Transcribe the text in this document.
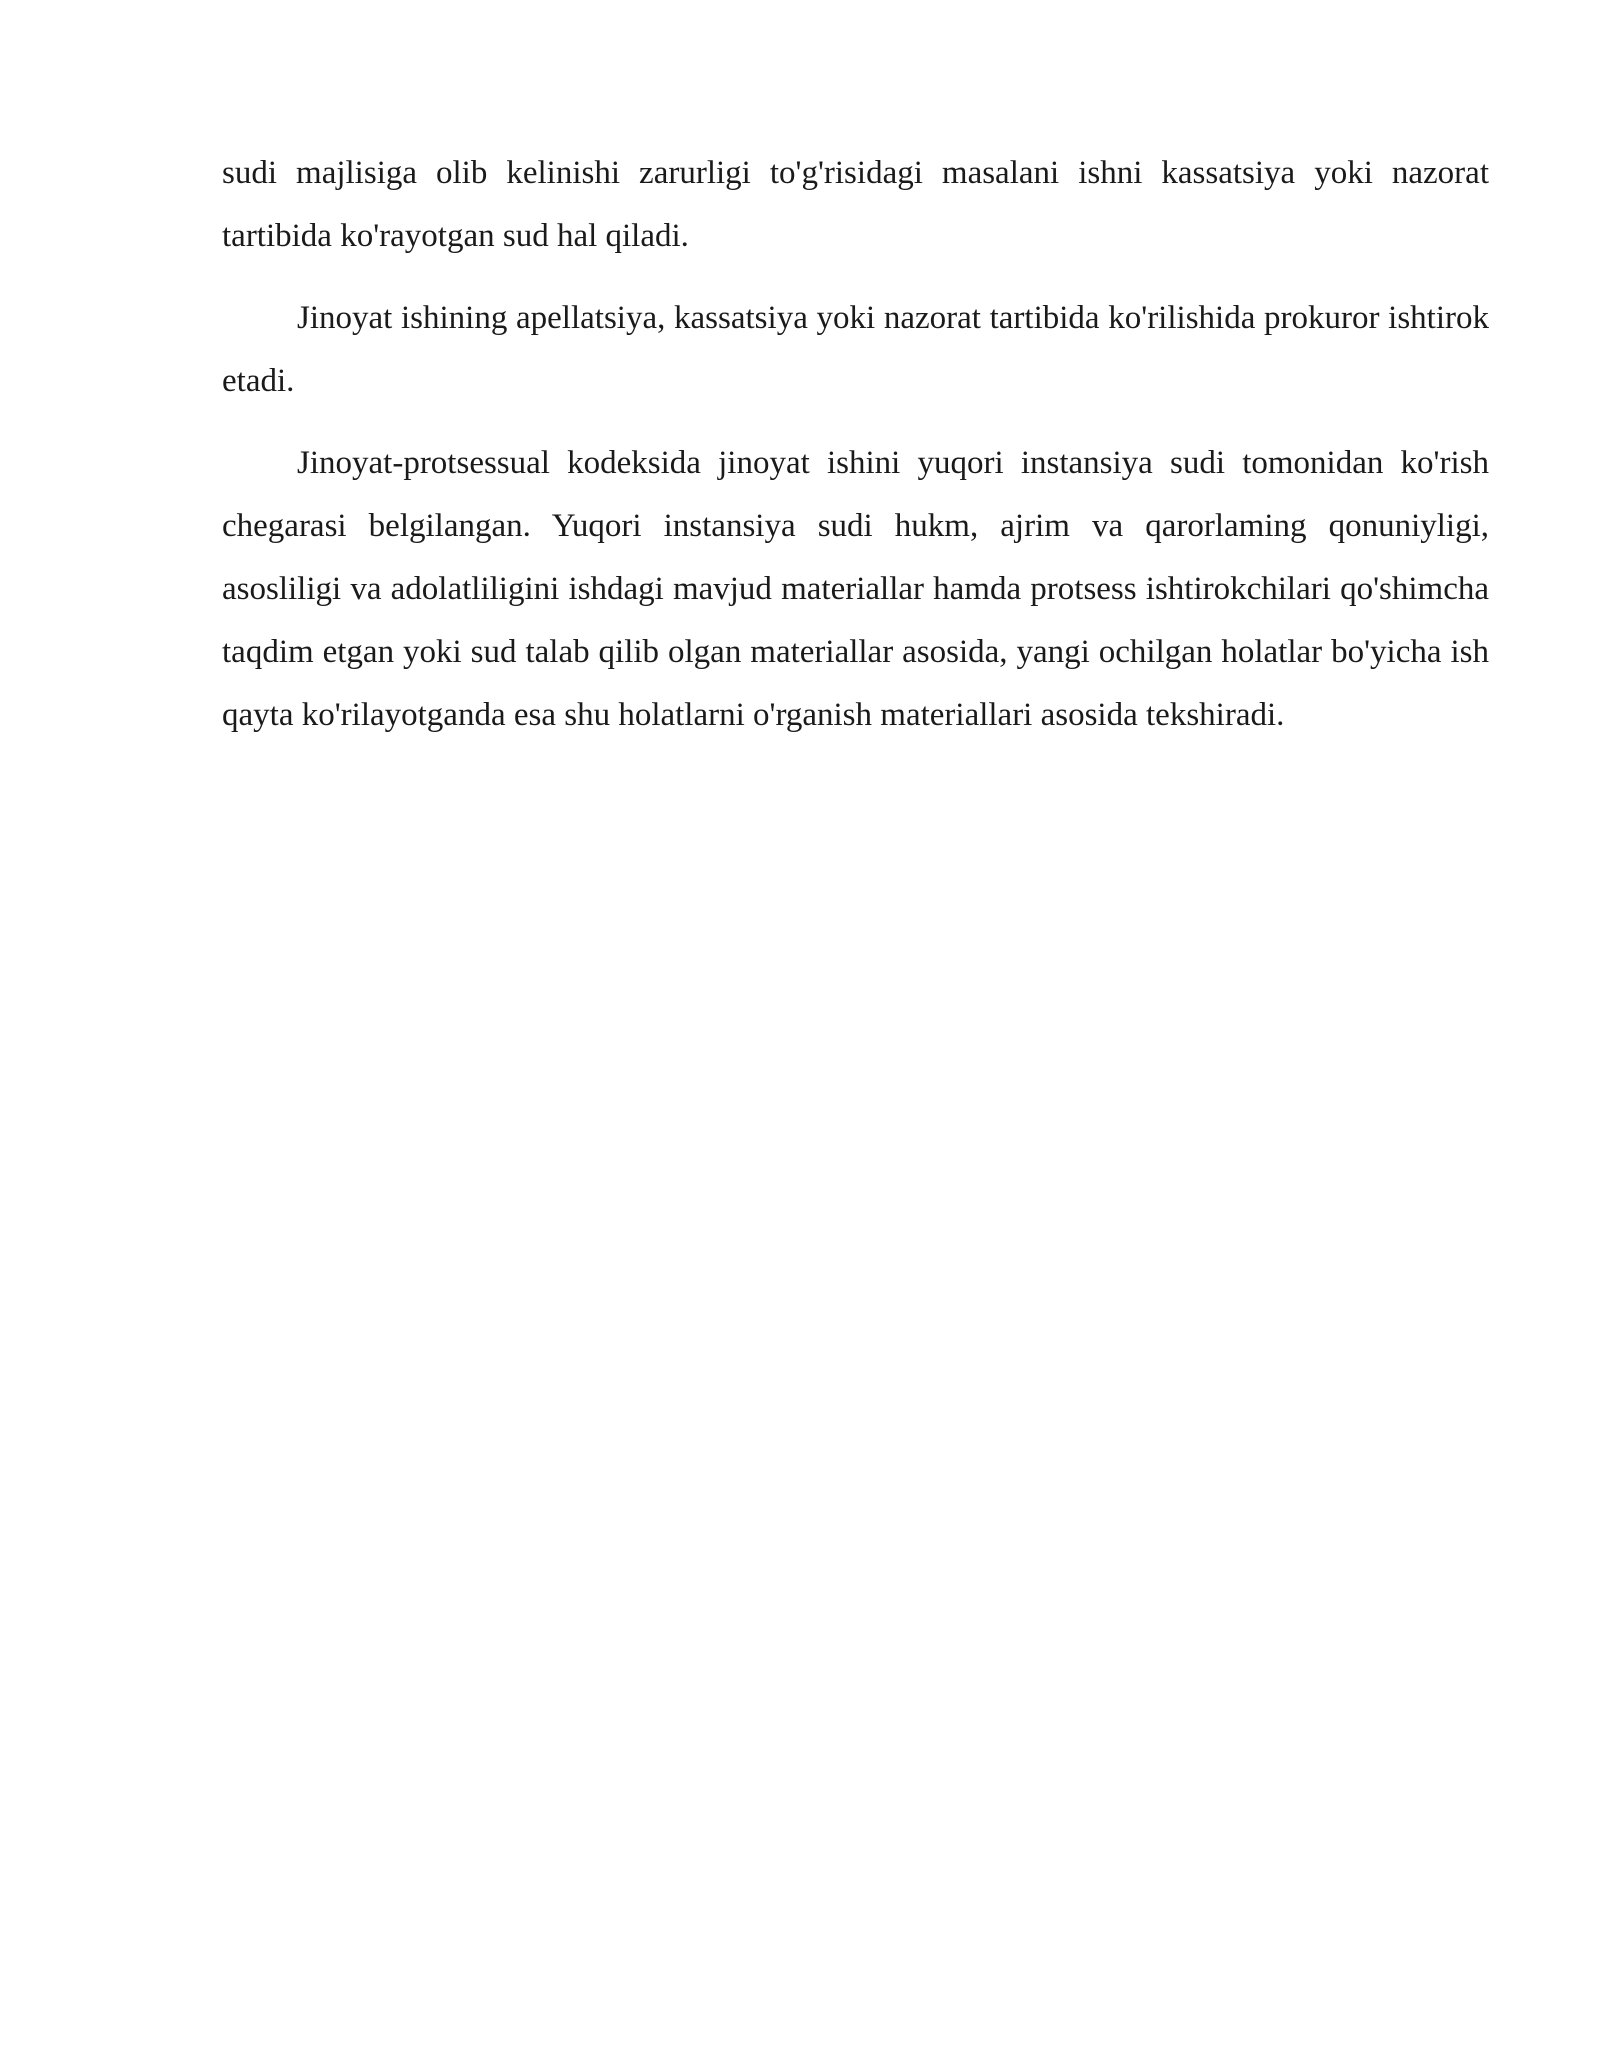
sudi majlisiga olib kelinishi zarurligi to'g'risidagi masalani ishni kassatsiya yoki nazorat tartibida ko'rayotgan sud hal qiladi.

Jinoyat ishining apellatsiya, kassatsiya yoki nazorat tartibida ko'rilishida prokuror ishtirok etadi.

Jinoyat-protsessual kodeksida jinoyat ishini yuqori instansiya sudi tomonidan ko'rish chegarasi belgilangan. Yuqori instansiya sudi hukm, ajrim va qarorlaming qonuniyligi, asosliligi va adolatliligini ishdagi mavjud materiallar hamda protsess ishtirokchilari qo'shimcha taqdim etgan yoki sud talab qilib olgan materiallar asosida, yangi ochilgan holatlar bo'yicha ish qayta ko'rilayotganda esa shu holatlarni o'rganish materiallari asosida tekshiradi.
